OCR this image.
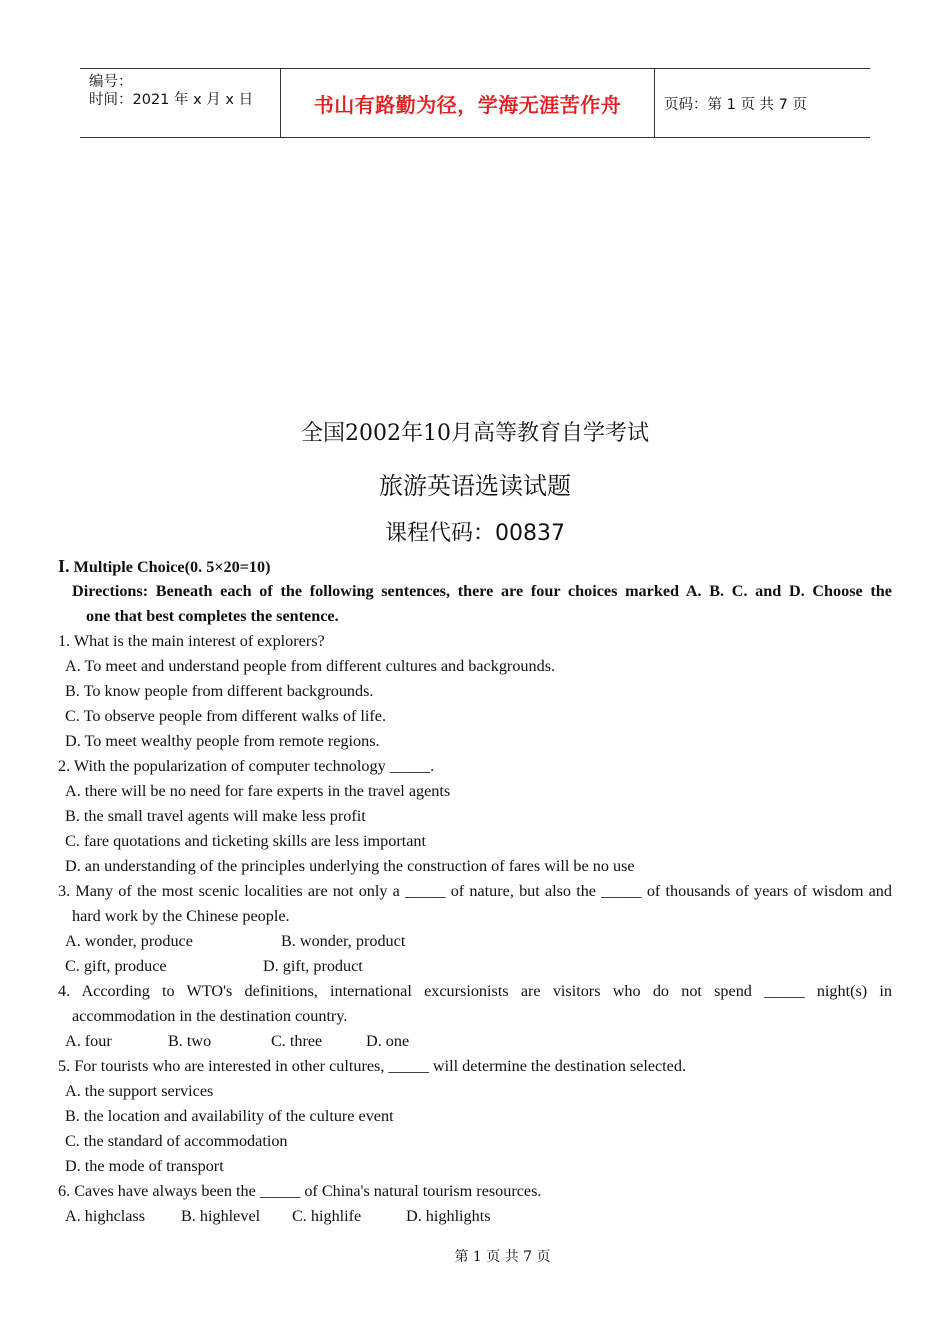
编号：
时间：2021 年 x 月 x 日	书山有路勤为径，学海无涯苦作舟	页码：第 1 页 共 7 页
全国2002年10月高等教育自学考试
旅游英语选读试题
课程代码：00837
I. Multiple Choice(0. 5×20=10)
Directions: Beneath each of the following sentences, there are four choices marked A. B. C. and D. Choose the
one that best completes the sentence.
1. What is the main interest of explorers?
A. To meet and understand people from different cultures and backgrounds.
B. To know people from different backgrounds.
C. To observe people from different walks of life.
D. To meet wealthy people from remote regions.
2. With the popularization of computer technology _____.
A. there will be no need for fare experts in the travel agents
B. the small travel agents will make less profit
C. fare quotations and ticketing skills are less important
D. an understanding of the principles underlying the construction of fares will be no use
3. Many of the most scenic localities are not only a _____ of nature, but also the _____ of thousands of years of wisdom and
hard work by the Chinese people.
A. wonder, produce	B. wonder, product
C. gift, produce	D. gift, product
4. According to WTO's definitions, international excursionists are visitors who do not spend _____ night(s) in
accommodation in the destination country.
A. four	B. two	C. three	D. one
5. For tourists who are interested in other cultures, _____ will determine the destination selected.
A. the support services
B. the location and availability of the culture event
C. the standard of accommodation
D. the mode of transport
6. Caves have always been the _____ of China's natural tourism resources.
A. highclass B. highlevel C. highlife	D. highlights
第 1 页 共 7 页
